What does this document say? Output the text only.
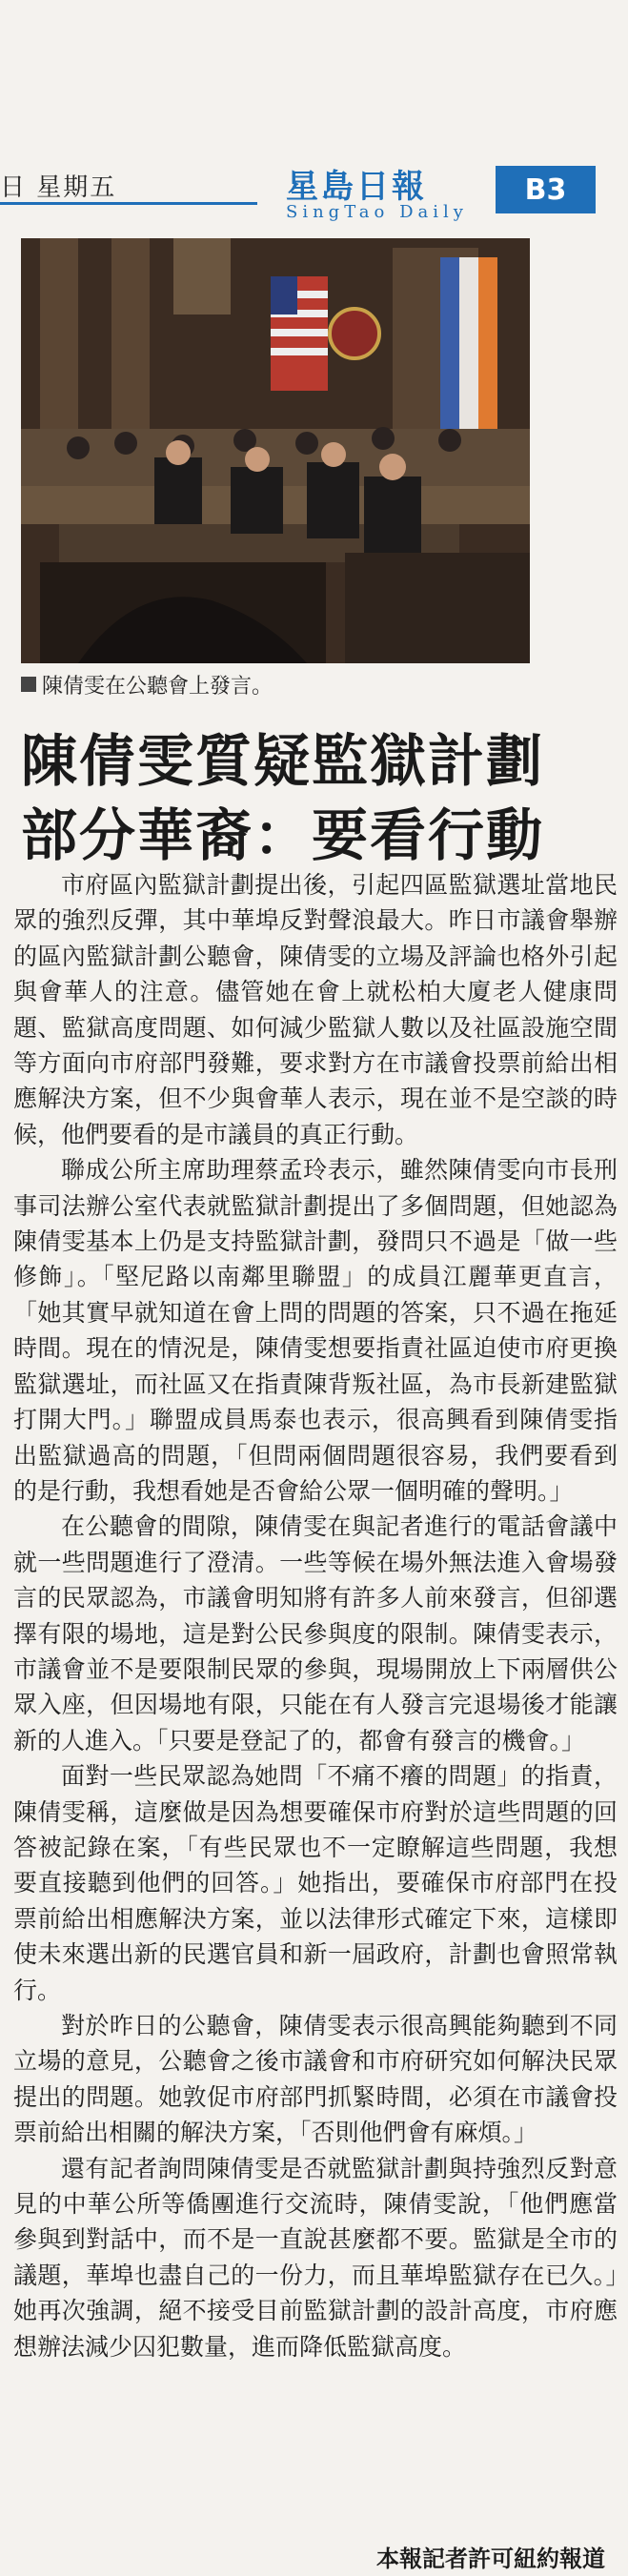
日 星期五	星島日報
SingTao Daily
B3
陳倩雯在公聽會上發言。
陳倩雯質疑監獄計劃
部分華裔：要看行動

市府區內監獄計劃提出後，引起四區監獄選址當地民眾的強烈反彈，其中華埠反對聲浪最大。昨日市議會舉辦的區內監獄計劃公聽會，陳倩雯的立場及評論也格外引起與會華人的注意。儘管她在會上就松柏大廈老人健康問題、監獄高度問題、如何減少監獄人數以及社區設施空間等方面向市府部門發難，要求對方在市議會投票前給出相應解決方案，但不少與會華人表示，現在並不是空談的時候，他們要看的是市議員的真正行動。

聯成公所主席助理蔡孟玲表示，雖然陳倩雯向市長刑事司法辦公室代表就監獄計劃提出了多個問題，但她認為陳倩雯基本上仍是支持監獄計劃，發問只不過是「做一些修飾」。「堅尼路以南鄰里聯盟」的成員江麗華更直言，「她其實早就知道在會上問的問題的答案，只不過在拖延時間。現在的情況是，陳倩雯想要指責社區迫使市府更換監獄選址，而社區又在指責陳背叛社區，為市長新建監獄打開大門。」聯盟成員馬泰也表示，很高興看到陳倩雯指出監獄過高的問題，「但問兩個問題很容易，我們要看到的是行動，我想看她是否會給公眾一個明確的聲明。」

在公聽會的間隙，陳倩雯在與記者進行的電話會議中就一些問題進行了澄清。一些等候在場外無法進入會場發言的民眾認為，市議會明知將有許多人前來發言，但卻選擇有限的場地，這是對公民參與度的限制。陳倩雯表示，市議會並不是要限制民眾的參與，現場開放上下兩層供公眾入座，但因場地有限，只能在有人發言完退場後才能讓新的人進入。「只要是登記了的，都會有發言的機會。」

面對一些民眾認為她問「不痛不癢的問題」的指責，陳倩雯稱，這麼做是因為想要確保市府對於這些問題的回答被記錄在案，「有些民眾也不一定瞭解這些問題，我想要直接聽到他們的回答。」她指出，要確保市府部門在投票前給出相應解決方案，並以法律形式確定下來，這樣即使未來選出新的民選官員和新一屆政府，計劃也會照常執行。

對於昨日的公聽會，陳倩雯表示很高興能夠聽到不同立場的意見，公聽會之後市議會和市府研究如何解決民眾提出的問題。她敦促市府部門抓緊時間，必須在市議會投票前給出相關的解決方案，「否則他們會有麻煩。」

還有記者詢問陳倩雯是否就監獄計劃與持強烈反對意見的中華公所等僑團進行交流時，陳倩雯說，「他們應當參與到對話中，而不是一直說甚麼都不要。監獄是全市的議題，華埠也盡自己的一份力，而且華埠監獄存在已久。」她再次強調，絕不接受目前監獄計劃的設計高度，市府應想辦法減少囚犯數量，進而降低監獄高度。

本報記者許可紐約報道
